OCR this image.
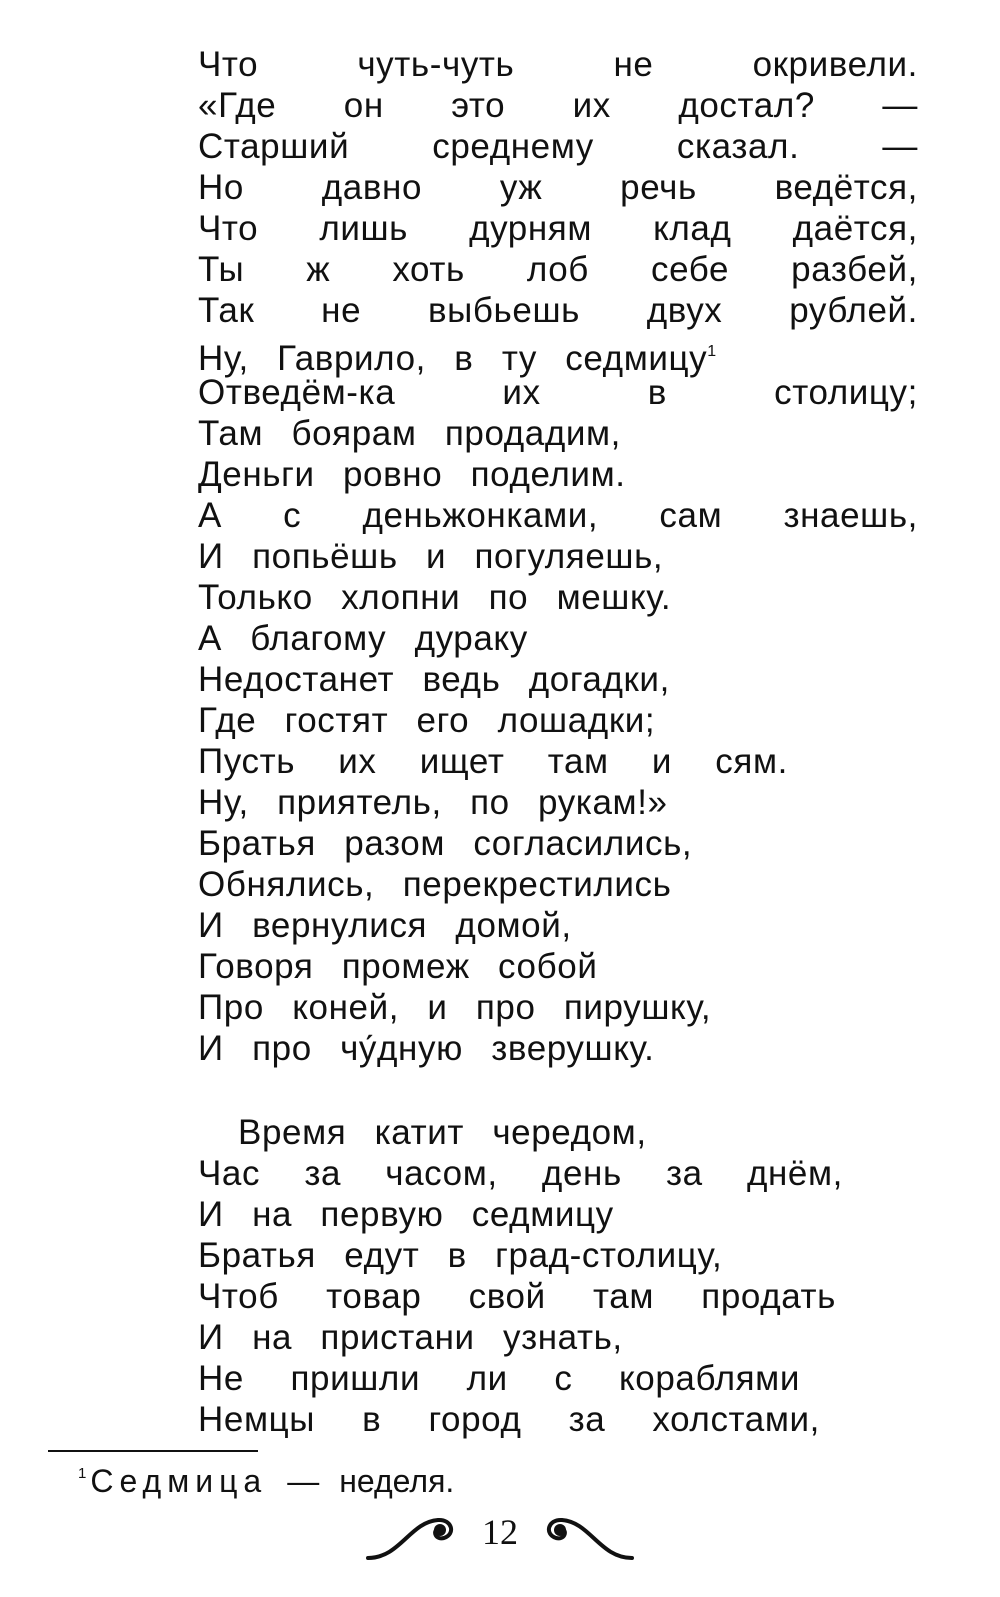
Что	чуть-чуть	не	окривели.
«Где он это их достал? —
Старший среднему сказал. —
Но давно уж речь ведётся,
Что лишь дурням клад даётся,
Ты ж хоть лоб себе разбей,
Так не выбьешь двух рублей.
Ну, Гаврило, в ту седмицу$^1$
Отведём-ка	их	в	столицу;
Там боярам продадим,
Деньги ровно поделим.
А с деньжонками, сам знаешь,
И попьёшь и погуляешь,
Только хлопни по мешку.
А благому дураку
Недостанет ведь догадки,
Где гостят его лошадки;
Пусть их ищет там и сям.
Ну, приятель, по рукам!»
Братья разом согласились,
Обнялись, перекрестились
И вернулися домой,
Говоря промеж собой
Про коней, и про пирушку,
И про чу́дную зверушку.
Время катит чередом,
Час за часом, день за днём,
И на первую седмицу
Братья едут в град-столицу,
Чтоб товар свой там продать
И на пристани узнать,
Не пришли ли с кораблями
Немцы в город за холстами,
$^1$ Седмица — неделя.
12
